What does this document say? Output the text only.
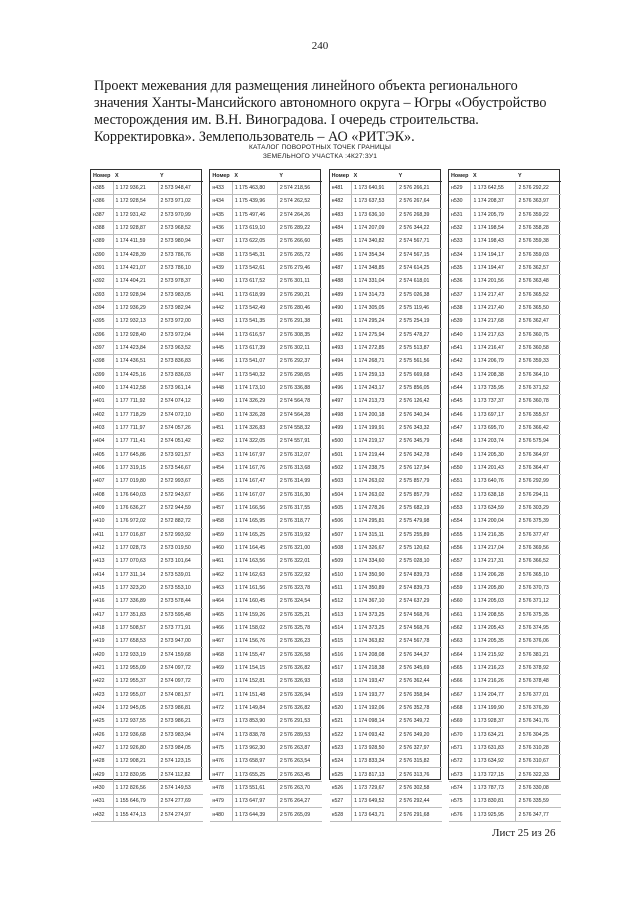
240
Проект межевания для размещения линейного объекта регионального значения Ханты-Мансийского автономного округа – Югры «Обустройство месторождения им. В.Н. Виноградова. I очередь строительства. Корректировка». Землепользователь – АО «РИТЭК».
КАТАЛОГ ПОВОРОТНЫХ ТОЧЕК ГРАНИЦЫ
ЗЕМЕЛЬНОГО УЧАСТКА :4К27:ЗУ1
Номер	X	Y
н385	1 172 936,21	2 573 948,47
н386	1 172 928,54	2 573 971,02
н387	1 172 931,42	2 573 970,99
н388	1 172 928,87	2 573 968,52
н389	1 174 411,59	2 573 980,94
н390	1 174 428,39	2 573 786,76
н391	1 174 421,07	2 573 786,10
н392	1 174 404,21	2 573 978,37
н393	1 172 928,94	2 573 983,05
н394	1 172 936,29	2 573 982,94
н395	1 172 932,13	2 573 972,00
н396	1 172 928,40	2 573 972,04
н397	1 174 423,84	2 573 963,52
н398	1 174 436,51	2 573 836,83
н399	1 174 425,16	2 573 836,03
н400	1 174 412,58	2 573 961,14
н401	1 177 711,92	2 574 074,12
н402	1 177 718,29	2 574 072,10
н403	1 177 711,97	2 574 057,26
н404	1 177 711,41	2 574 051,42
н405	1 177 645,86	2 573 921,57
н406	1 177 319,15	2 573 546,67
н407	1 177 019,80	2 572 993,67
н408	1 176 640,03	2 572 943,67
н409	1 176 636,27	2 572 944,59
н410	1 176 972,02	2 572 882,72
н411	1 177 016,87	2 572 993,92
н412	1 177 028,73	2 573 019,50
н413	1 177 070,63	2 573 101,64
н414	1 177 311,14	2 573 539,01
н415	1 177 323,20	2 573 553,10
н416	1 177 336,89	2 573 578,44
н417	1 177 351,83	2 573 595,48
н418	1 177 508,57	2 573 771,91
н419	1 177 658,53	2 573 947,00
н420	1 172 933,19	2 574 159,68
н421	1 172 955,09	2 574 097,72
н422	1 172 955,37	2 574 097,72
н423	1 172 955,07	2 574 081,57
н424	1 172 945,05	2 573 986,81
н425	1 172 937,55	2 573 986,21
н426	1 172 936,68	2 573 983,94
н427	1 172 926,80	2 573 984,05
н428	1 172 908,21	2 574 123,15
н429	1 172 830,95	2 574 112,82
н430	1 172 826,56	2 574 149,53
н431	1 155 646,79	2 574 277,69
н432	1 155 474,13	2 574 274,97
Номер	X	Y
н433	1 175 463,80	2 574 218,56
н434	1 175 439,96	2 574 262,52
н435	1 175 497,46	2 574 264,26
н436	1 173 619,10	2 576 289,22
н437	1 173 622,05	2 576 266,60
н438	1 173 545,31	2 576 265,72
н439	1 173 542,61	2 576 279,46
н440	1 173 617,52	2 576 301,11
н441	1 173 618,99	2 576 290,21
н442	1 173 542,49	2 576 280,46
н443	1 173 541,35	2 576 291,38
н444	1 173 616,57	2 576 308,35
н445	1 173 617,39	2 576 302,11
н446	1 173 541,07	2 576 292,37
н447	1 173 540,32	2 576 298,65
н448	1 174 173,10	2 576 336,88
н449	1 174 326,29	2 574 564,78
н450	1 174 326,28	2 574 564,28
н451	1 174 326,83	2 574 558,32
н452	1 174 322,05	2 574 557,91
н453	1 174 167,97	2 576 312,07
н454	1 174 167,76	2 576 313,68
н455	1 174 167,47	2 576 314,99
н456	1 174 167,07	2 576 316,30
н457	1 174 166,56	2 576 317,55
н458	1 174 165,95	2 576 318,77
н459	1 174 165,25	2 576 319,92
н460	1 174 164,45	2 576 321,00
н461	1 174 163,56	2 576 322,01
н462	1 174 162,63	2 576 322,92
н463	1 174 161,56	2 576 323,78
н464	1 174 160,45	2 576 324,54
н465	1 174 159,26	2 576 325,21
н466	1 174 158,02	2 576 325,78
н467	1 174 156,76	2 576 326,23
н468	1 174 155,47	2 576 326,58
н469	1 174 154,15	2 576 326,82
н470	1 174 152,81	2 576 326,93
н471	1 174 151,48	2 576 326,94
н472	1 174 149,84	2 576 326,82
н473	1 173 853,90	2 576 291,53
н474	1 173 838,78	2 576 289,53
н475	1 173 962,30	2 576 263,87
н476	1 173 658,97	2 576 263,54
н477	1 173 655,25	2 576 263,45
н478	1 173 551,61	2 576 263,70
н479	1 173 647,97	2 576 264,27
н480	1 173 644,39	2 576 265,09
Номер	X	Y
н481	1 173 640,91	2 576 266,21
н482	1 173 637,53	2 576 267,64
н483	1 173 636,10	2 576 268,39
н484	1 174 207,09	2 576 344,22
н485	1 174 340,82	2 574 567,71
н486	1 174 354,34	2 574 567,15
н487	1 174 348,85	2 574 614,25
н488	1 174 331,04	2 574 618,01
н489	1 174 314,73	2 575 026,38
н490	1 174 305,05	2 575 119,46
н491	1 174 295,24	2 575 254,19
н492	1 174 275,94	2 575 478,27
н493	1 174 272,85	2 575 513,87
н494	1 174 268,71	2 575 561,56
н495	1 174 259,13	2 575 669,68
н496	1 174 243,17	2 575 856,05
н497	1 174 213,73	2 576 126,42
н498	1 174 200,18	2 576 340,34
н499	1 174 199,91	2 576 343,32
н500	1 174 219,17	2 576 345,79
н501	1 174 219,44	2 576 342,78
н502	1 174 238,75	2 576 127,94
н503	1 174 263,02	2 575 857,79
н504	1 174 263,02	2 575 857,79
н505	1 174 278,26	2 575 682,19
н506	1 174 295,81	2 575 479,98
н507	1 174 315,11	2 575 255,89
н508	1 174 326,67	2 575 120,62
н509	1 174 334,60	2 575 028,10
н510	1 174 350,90	2 574 839,73
н511	1 174 350,89	2 574 839,73
н512	1 174 367,10	2 574 637,29
н513	1 174 373,25	2 574 568,76
н514	1 174 373,25	2 574 568,76
н515	1 174 363,82	2 574 567,78
н516	1 174 208,08	2 576 344,37
н517	1 174 218,38	2 576 345,69
н518	1 174 193,47	2 576 362,44
н519	1 174 193,77	2 576 358,94
н520	1 174 192,06	2 576 352,78
н521	1 174 098,14	2 576 349,72
н522	1 174 093,42	2 576 349,20
н523	1 173 928,50	2 576 327,97
н524	1 173 833,34	2 576 315,82
н525	1 173 817,13	2 576 313,76
н526	1 173 729,67	2 576 302,58
н527	1 173 649,52	2 576 292,44
н528	1 173 643,71	2 576 291,68
Номер	X	Y
н529	1 173 642,55	2 576 292,22
н530	1 174 208,37	2 576 363,97
н531	1 174 205,79	2 576 359,22
н532	1 174 198,54	2 576 358,28
н533	1 174 198,43	2 576 359,38
н534	1 174 194,17	2 576 359,03
н535	1 174 194,47	2 576 362,57
н536	1 174 201,56	2 576 363,48
н537	1 174 217,47	2 576 365,52
н538	1 174 217,40	2 576 365,50
н539	1 174 217,68	2 576 362,47
н540	1 174 217,63	2 576 360,75
н541	1 174 216,47	2 576 360,58
н542	1 174 206,79	2 576 359,33
н543	1 174 208,38	2 576 364,10
н544	1 173 735,95	2 576 371,52
н545	1 173 737,37	2 576 360,78
н546	1 173 697,17	2 576 355,57
н547	1 173 695,70	2 576 366,42
н548	1 174 203,74	2 576 575,94
н549	1 174 205,30	2 576 364,97
н550	1 174 201,43	2 576 364,47
н551	1 173 640,76	2 576 292,99
н552	1 173 638,18	2 576 294,11
н553	1 173 634,59	2 576 303,29
н554	1 174 200,04	2 576 375,39
н555	1 174 216,35	2 576 377,47
н556	1 174 217,04	2 576 369,56
н557	1 174 217,31	2 576 366,52
н558	1 174 206,28	2 576 365,10
н559	1 174 205,80	2 576 370,73
н560	1 174 205,03	2 576 371,12
н561	1 174 208,55	2 576 375,35
н562	1 174 205,43	2 576 374,95
н563	1 174 205,35	2 576 376,06
н564	1 174 215,92	2 576 381,21
н565	1 174 216,23	2 576 378,92
н566	1 174 216,26	2 576 378,48
н567	1 174 204,77	2 576 377,01
н568	1 174 199,90	2 576 376,39
н569	1 173 928,37	2 576 341,76
н570	1 173 634,21	2 576 304,25
н571	1 173 631,83	2 576 310,28
н572	1 173 634,92	2 576 310,67
н573	1 173 727,15	2 576 322,33
н574	1 173 787,73	2 576 330,08
н575	1 173 830,81	2 576 335,59
н576	1 173 925,95	2 576 347,77
Лист 25 из 26
